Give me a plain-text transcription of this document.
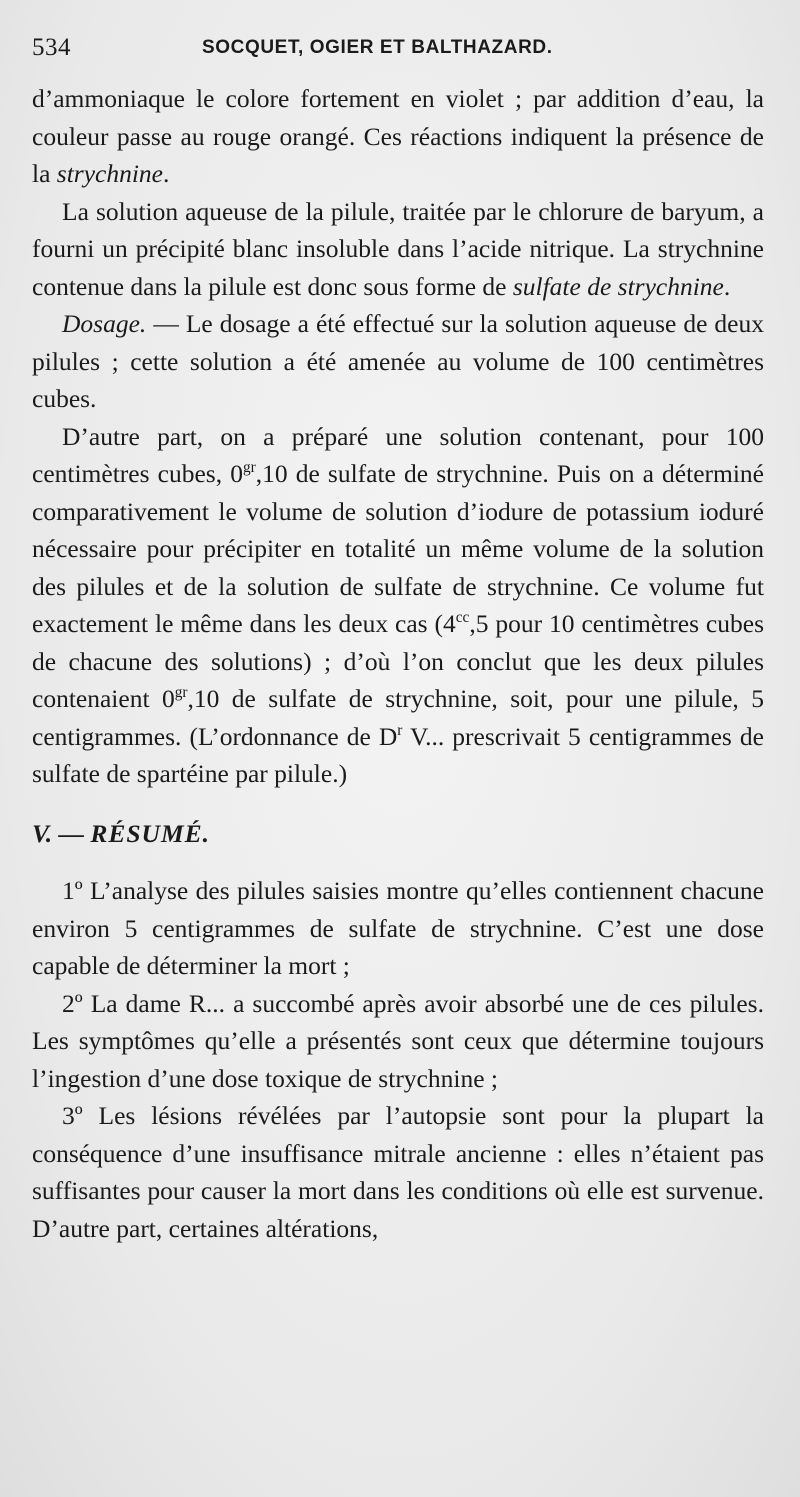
534	SOCQUET, OGIER ET BALTHAZARD.

d’ammoniaque le colore fortement en violet ; par addition d’eau, la couleur passe au rouge orangé. Ces réactions indiquent la présence de la strychnine.

La solution aqueuse de la pilule, traitée par le chlorure de baryum, a fourni un précipité blanc insoluble dans l’acide nitrique. La strychnine contenue dans la pilule est donc sous forme de sulfate de strychnine.

Dosage. — Le dosage a été effectué sur la solution aqueuse de deux pilules ; cette solution a été amenée au volume de 100 centimètres cubes.

D’autre part, on a préparé une solution contenant, pour 100 centimètres cubes, $0^{gr},10$ de sulfate de strychnine. Puis on a déterminé comparativement le volume de solution d’iodure de potassium ioduré nécessaire pour précipiter en totalité un même volume de la solution des pilules et de la solution de sulfate de strychnine. Ce volume fut exactement le même dans les deux cas ($4^{cc},5$ pour 10 centimètres cubes de chacune des solutions) ; d’où l’on conclut que les deux pilules contenaient $0^{gr},10$ de sulfate de strychnine, soit, pour une pilule, 5 centigrammes. (L’ordonnance de $D^r$ V... prescrivait 5 centigrammes de sulfate de spartéine par pilule.)

V. — RÉSUMÉ.

1º L’analyse des pilules saisies montre qu’elles contiennent chacune environ 5 centigrammes de sulfate de strychnine. C’est une dose capable de déterminer la mort ;

2º La dame R... a succombé après avoir absorbé une de ces pilules. Les symptômes qu’elle a présentés sont ceux que détermine toujours l’ingestion d’une dose toxique de strychnine ;

3º Les lésions révélées par l’autopsie sont pour la plupart la conséquence d’une insuffisance mitrale ancienne : elles n’étaient pas suffisantes pour causer la mort dans les conditions où elle est survenue. D’autre part, certaines altérations,
